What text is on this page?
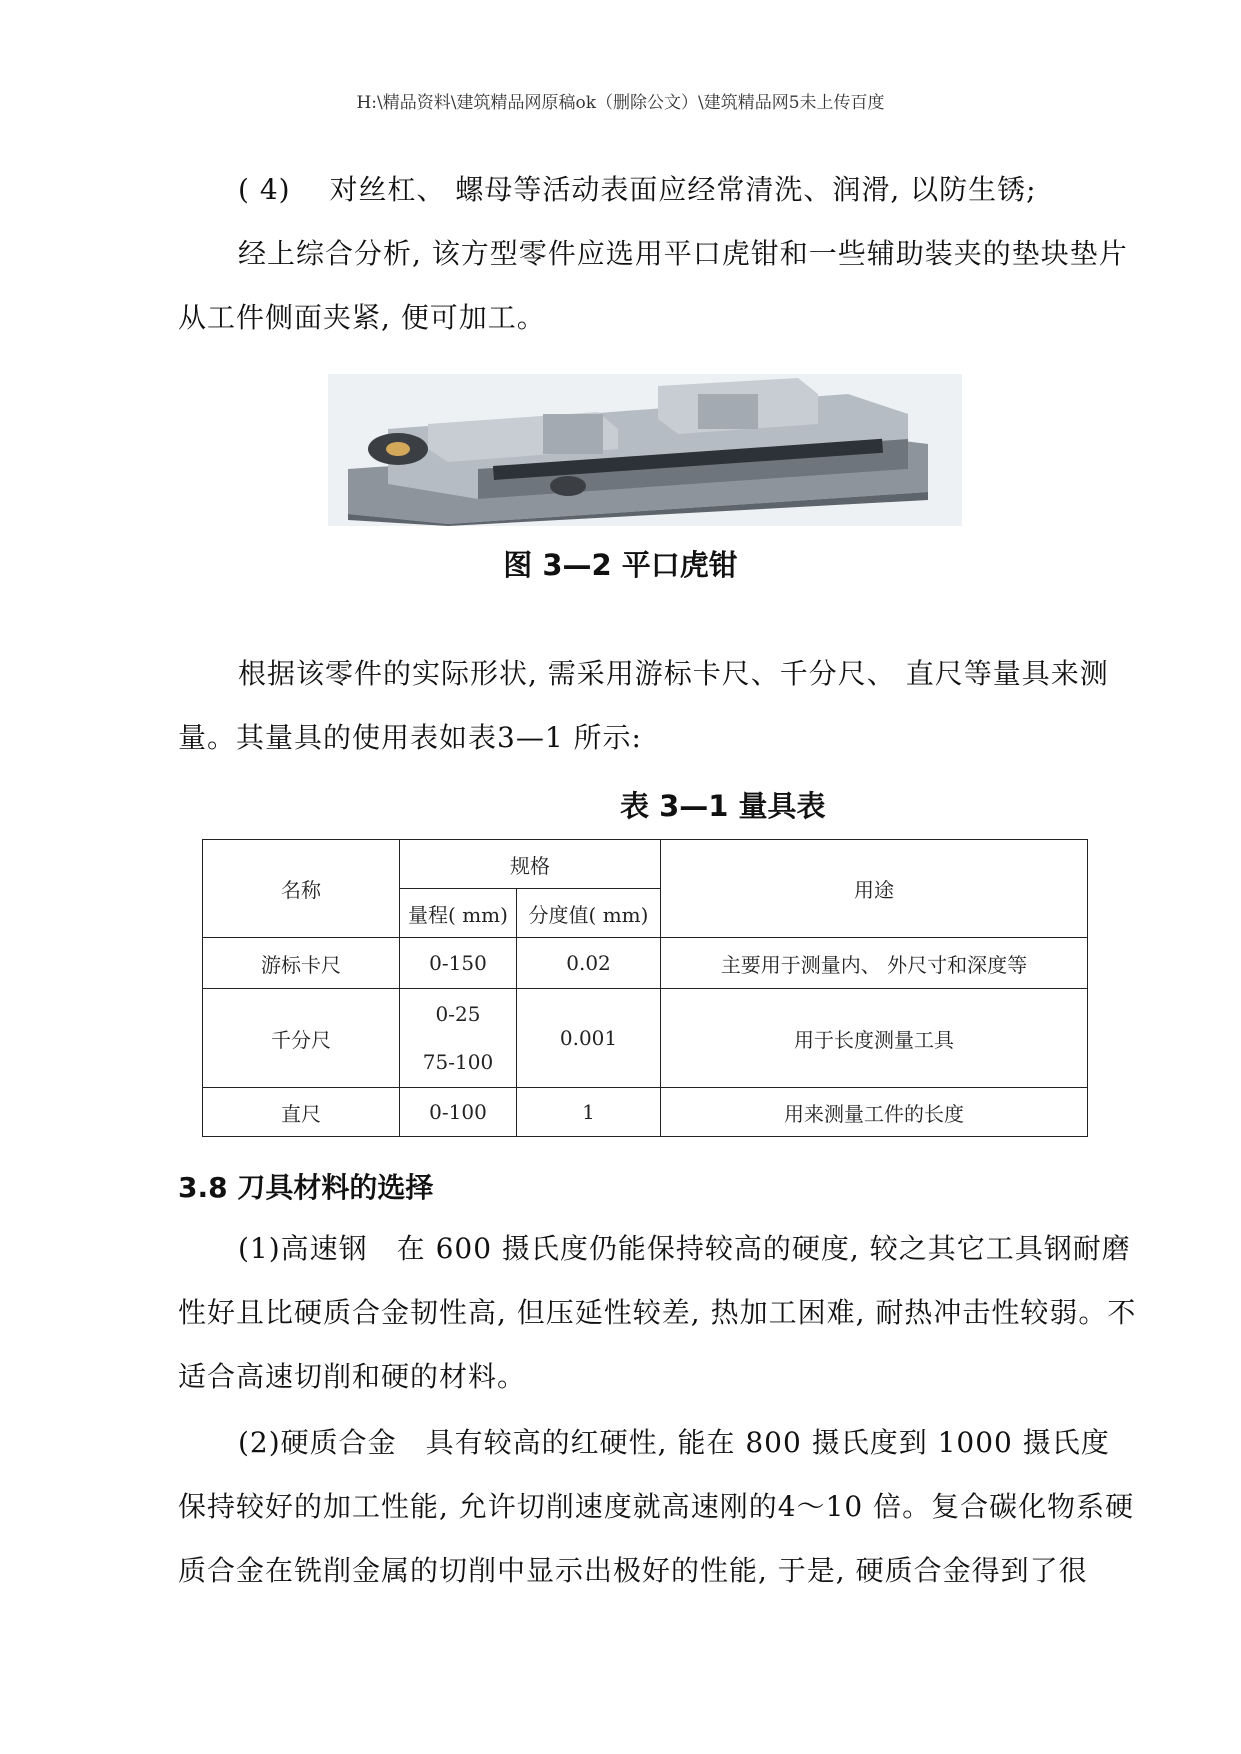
H:\精品资料\建筑精品网原稿ok（删除公文）\建筑精品网5未上传百度
( 4)　 对丝杠、 螺母等活动表面应经常清洗、润滑, 以防生锈;
经上综合分析, 该方型零件应选用平口虎钳和一些辅助装夹的垫块垫片从工件侧面夹紧, 便可加工。
图 3—2 平口虎钳
根据该零件的实际形状, 需采用游标卡尺、千分尺、 直尺等量具来测量。其量具的使用表如表3—1 所示:
表 3—1 量具表
名称	规格		用途
	量程( mm)	分度值( mm)	
游标卡尺	0-150	0.02	主要用于测量内、 外尺寸和深度等
千分尺	0-25
75-100	0.001	用于长度测量工具
直尺	0-100	1	用来测量工件的长度
3.8 刀具材料的选择
(1)高速钢　在 600 摄氏度仍能保持较高的硬度, 较之其它工具钢耐磨性好且比硬质合金韧性高, 但压延性较差, 热加工困难, 耐热冲击性较弱。不适合高速切削和硬的材料。
(2)硬质合金　具有较高的红硬性, 能在 800 摄氏度到 1000 摄氏度保持较好的加工性能, 允许切削速度就高速刚的4～10 倍。复合碳化物系硬质合金在铣削金属的切削中显示出极好的性能, 于是, 硬质合金得到了很
